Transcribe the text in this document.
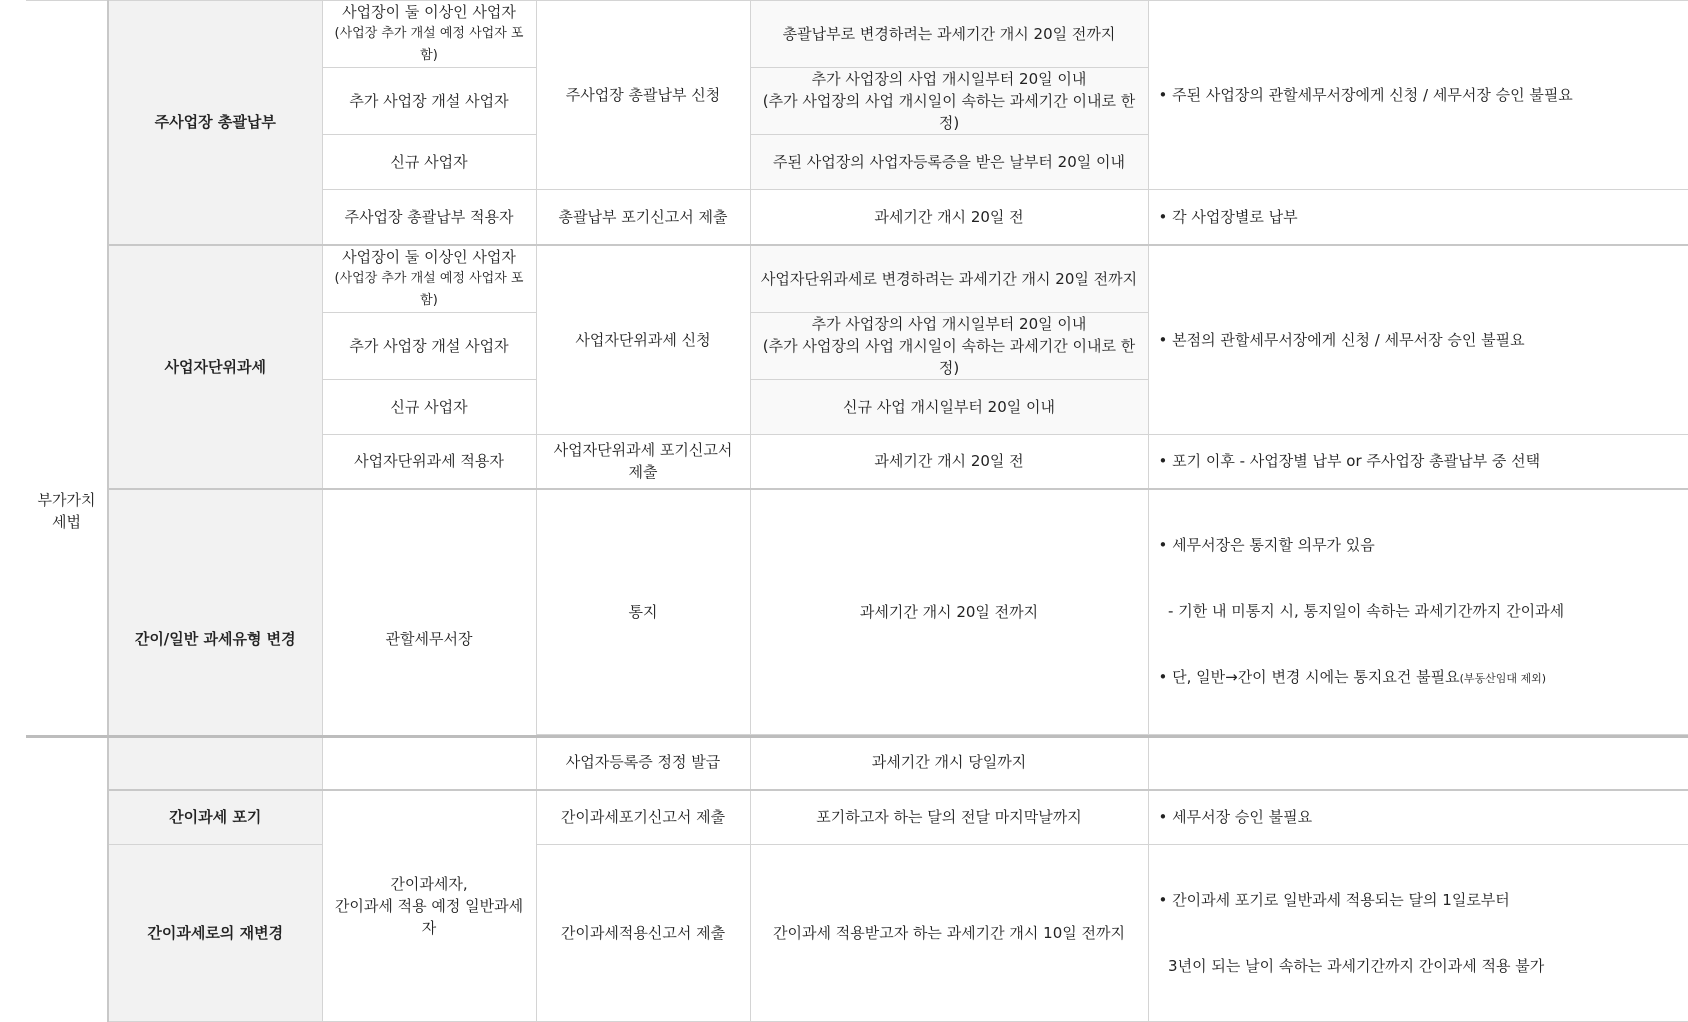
부가가치
세법	주사업장 총괄납부	사업장이 둘 이상인 사업자
(사업장 추가 개설 예정 사업자 포함)	주사업장 총괄납부 신청	총괄납부로 변경하려는 과세기간 개시 20일 전까지	• 주된 사업장의 관할세무서장에게 신청 / 세무서장 승인 불필요
		추가 사업장 개설 사업자		추가 사업장의 사업 개시일부터 20일 이내
(추가 사업장의 사업 개시일이 속하는 과세기간 이내로 한정)	

		신규 사업자		주된 사업장의 사업자등록증을 받은 날부터 20일 이내	
		주사업장 총괄납부 적용자	총괄납부 포기신고서 제출	과세기간 개시 20일 전	• 각 사업장별로 납부
	사업자단위과세	사업장이 둘 이상인 사업자
(사업장 추가 개설 예정 사업자 포함)	사업자단위과세 신청	사업자단위과세로 변경하려는 과세기간 개시 20일 전까지	• 본점의 관할세무서장에게 신청 / 세무서장 승인 불필요
		추가 사업장 개설 사업자		추가 사업장의 사업 개시일부터 20일 이내
(추가 사업장의 사업 개시일이 속하는 과세기간 이내로 한정)	

		신규 사업자		신규 사업 개시일부터 20일 이내	
		사업자단위과세 적용자	사업자단위과세 포기신고서 제출	과세기간 개시 20일 전	• 포기 이후 - 사업장별 납부 or 주사업장 총괄납부 중 선택
	간이/일반 과세유형 변경	관할세무서장	통지	과세기간 개시 20일 전까지	• 세무서장은 통지할 의무가 있음

- 기한 내 미통지 시, 통지일이 속하는 과세기간까지 간이과세

• 단, 일반→간이 변경 시에는 통지요건 불필요(부동산임대 제외)

			사업자등록증 정정 발급	과세기간 개시 당일까지	
	간이과세 포기	간이과세자,
간이과세 적용 예정 일반과세자	간이과세포기신고서 제출	포기하고자 하는 달의 전달 마지막날까지	• 세무서장 승인 불필요
	간이과세로의 재변경		간이과세적용신고서 제출	간이과세 적용받고자 하는 과세기간 개시 10일 전까지	• 간이과세 포기로 일반과세 적용되는 달의 1일로부터

3년이 되는 날이 속하는 과세기간까지 간이과세 적용 불가
